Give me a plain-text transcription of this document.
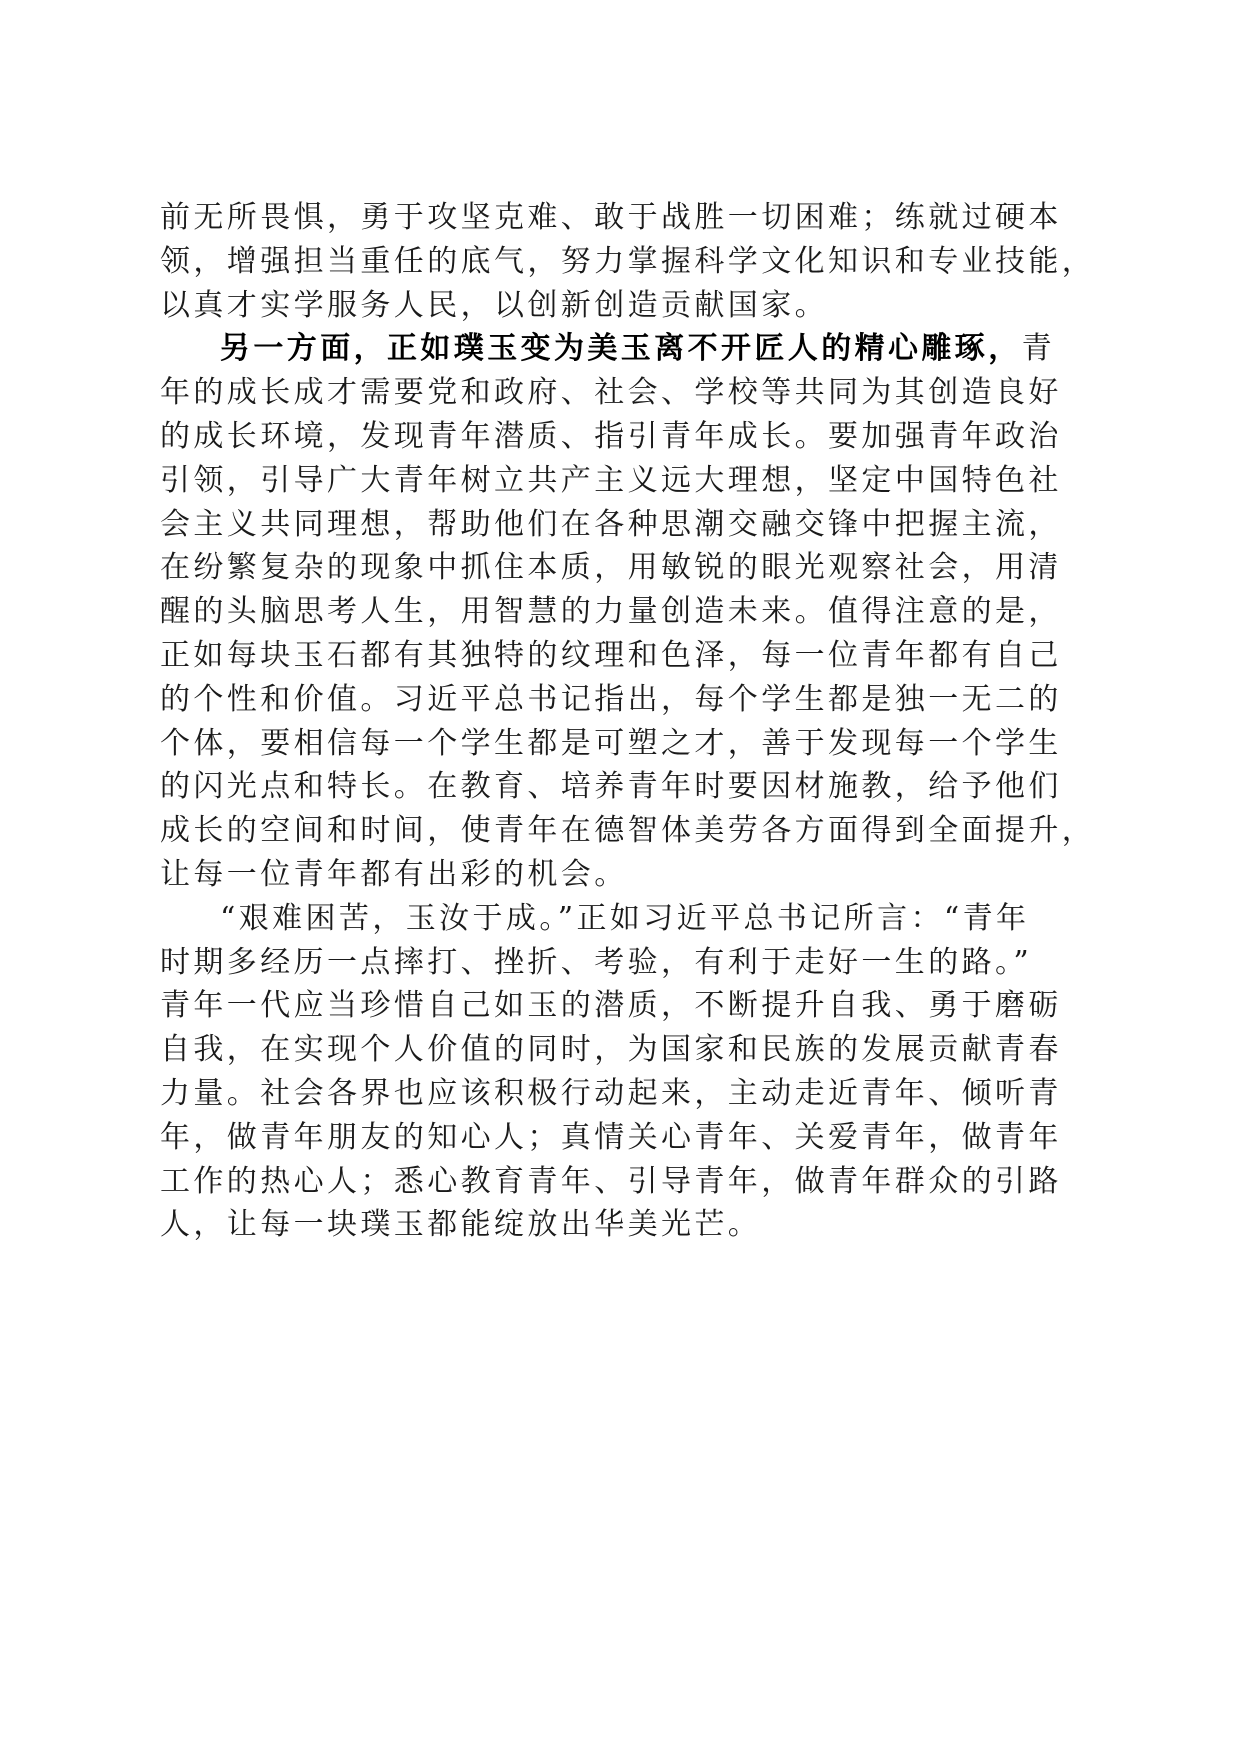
前无所畏惧，勇于攻坚克难、敢于战胜一切困难；练就过硬本
领，增强担当重任的底气，努力掌握科学文化知识和专业技能，
以真才实学服务人民，以创新创造贡献国家。
另一方面，正如璞玉变为美玉离不开匠人的精心雕琢，青
年的成长成才需要党和政府、社会、学校等共同为其创造良好
的成长环境，发现青年潜质、指引青年成长。要加强青年政治
引领，引导广大青年树立共产主义远大理想，坚定中国特色社
会主义共同理想，帮助他们在各种思潮交融交锋中把握主流，
在纷繁复杂的现象中抓住本质，用敏锐的眼光观察社会，用清
醒的头脑思考人生，用智慧的力量创造未来。值得注意的是，
正如每块玉石都有其独特的纹理和色泽，每一位青年都有自己
的个性和价值。习近平总书记指出，每个学生都是独一无二的
个体，要相信每一个学生都是可塑之才，善于发现每一个学生
的闪光点和特长。在教育、培养青年时要因材施教，给予他们
成长的空间和时间，使青年在德智体美劳各方面得到全面提升，
让每一位青年都有出彩的机会。
“艰难困苦，玉汝于成。”正如习近平总书记所言：“青年
时期多经历一点摔打、挫折、考验，有利于走好一生的路。”
青年一代应当珍惜自己如玉的潜质，不断提升自我、勇于磨砺
自我，在实现个人价值的同时，为国家和民族的发展贡献青春
力量。社会各界也应该积极行动起来，主动走近青年、倾听青
年，做青年朋友的知心人；真情关心青年、关爱青年，做青年
工作的热心人；悉心教育青年、引导青年，做青年群众的引路
人，让每一块璞玉都能绽放出华美光芒。
